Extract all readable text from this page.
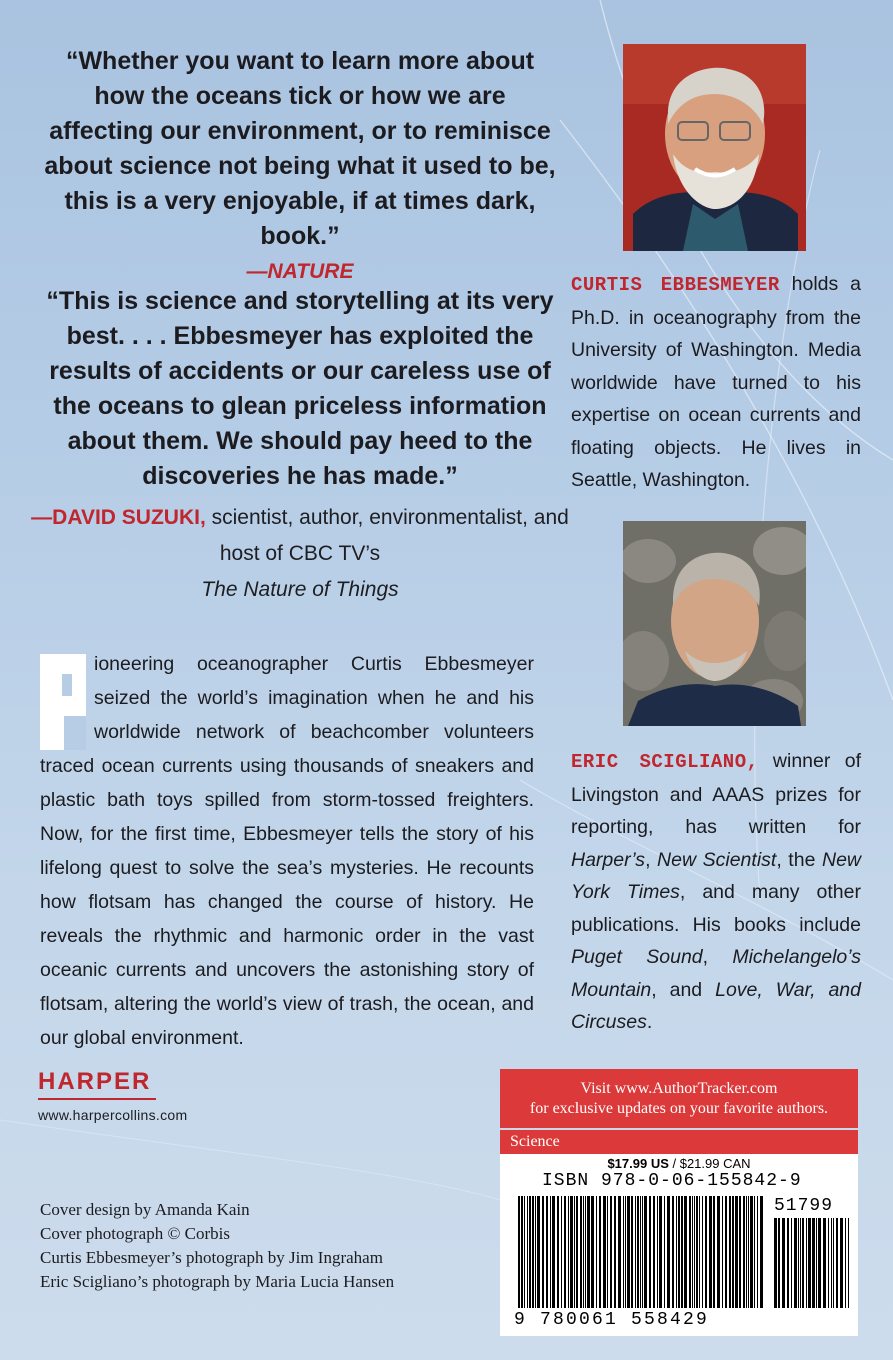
“Whether you want to learn more about how the oceans tick or how we are affecting our environment, or to reminisce about science not being what it used to be, this is a very enjoyable, if at times dark, book.”
—NATURE
“This is science and storytelling at its very best. . . . Ebbesmeyer has exploited the results of accidents or our careless use of the oceans to glean priceless information about them. We should pay heed to the discoveries he has made.”
—DAVID SUZUKI, scientist, author, environmentalist, and host of CBC TV’s
The Nature of Things
ioneering oceanographer Curtis Ebbesmeyer seized the world’s imagination when he and his worldwide network of beachcomber volunteers traced ocean currents using thousands of sneakers and plastic bath toys spilled from storm-tossed freighters. Now, for the first time, Ebbesmeyer tells the story of his lifelong quest to solve the sea’s mysteries. He recounts how flotsam has changed the course of history. He reveals the rhythmic and harmonic order in the vast oceanic currents and uncovers the astonishing story of flotsam, altering the world’s view of trash, the ocean, and our global environment.
HARPER
www.harpercollins.com
Cover design by Amanda Kain
Cover photograph © Corbis
Curtis Ebbesmeyer’s photograph by Jim Ingraham
Eric Scigliano’s photograph by Maria Lucia Hansen
CURTIS EBBESMEYER holds a Ph.D. in oceanography from the University of Washington. Media worldwide have turned to his expertise on ocean currents and floating objects. He lives in Seattle, Washington.
ERIC SCIGLIANO, winner of Livingston and AAAS prizes for reporting, has written for Harper’s, New Scientist, the New York Times, and many other publications. His books include Puget Sound, Michelangelo’s Mountain, and Love, War, and Circuses.
Visit www.AuthorTracker.com
for exclusive updates on your favorite authors.
Science
$17.99 US / $21.99 CAN
ISBN 978-0-06-155842-9
51799
9 780061 558429
